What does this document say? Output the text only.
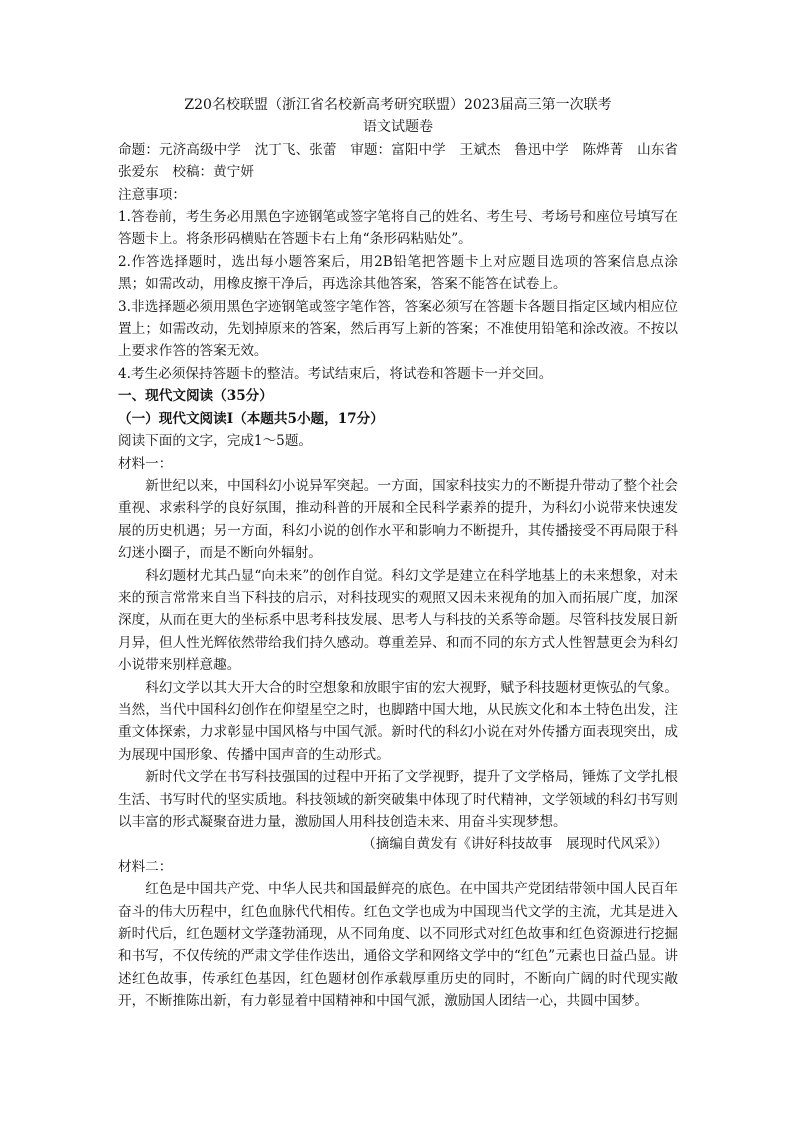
Z20名校联盟（浙江省名校新高考研究联盟）2023届高三第一次联考
语文试题卷

命题：元济高级中学　沈丁飞、张蕾　审题：富阳中学　王斌杰　鲁迅中学　陈烨菁　山东省　张爱东　校稿：黄宁妍

注意事项：

1.答卷前，考生务必用黑色字迹钢笔或签字笔将自己的姓名、考生号、考场号和座位号填写在答题卡上。将条形码横贴在答题卡右上角“条形码粘贴处”。

2.作答选择题时，选出每小题答案后，用2B铅笔把答题卡上对应题目选项的答案信息点涂黑；如需改动，用橡皮擦干净后，再选涂其他答案，答案不能答在试卷上。

3.非选择题必须用黑色字迹钢笔或签字笔作答，答案必须写在答题卡各题目指定区域内相应位置上；如需改动，先划掉原来的答案，然后再写上新的答案；不准使用铅笔和涂改液。不按以上要求作答的答案无效。

4.考生必须保持答题卡的整洁。考试结束后，将试卷和答题卡一并交回。

一、现代文阅读（35分）

（一）现代文阅读Ⅰ（本题共5小题，17分）

阅读下面的文字，完成1～5题。

材料一：

新世纪以来，中国科幻小说异军突起。一方面，国家科技实力的不断提升带动了整个社会重视、求索科学的良好氛围，推动科普的开展和全民科学素养的提升，为科幻小说带来快速发展的历史机遇；另一方面，科幻小说的创作水平和影响力不断提升，其传播接受不再局限于科幻迷小圈子，而是不断向外辐射。

科幻题材尤其凸显“向未来”的创作自觉。科幻文学是建立在科学地基上的未来想象，对未来的预言常常来自当下科技的启示，对科技现实的观照又因未来视角的加入而拓展广度，加深深度，从而在更大的坐标系中思考科技发展、思考人与科技的关系等命题。尽管科技发展日新月异，但人性光辉依然带给我们持久感动。尊重差异、和而不同的东方式人性智慧更会为科幻小说带来别样意趣。

科幻文学以其大开大合的时空想象和放眼宇宙的宏大视野，赋予科技题材更恢弘的气象。当然，当代中国科幻创作在仰望星空之时，也脚踏中国大地，从民族文化和本土特色出发，注重文体探索，力求彰显中国风格与中国气派。新时代的科幻小说在对外传播方面表现突出，成为展现中国形象、传播中国声音的生动形式。

新时代文学在书写科技强国的过程中开拓了文学视野，提升了文学格局，锤炼了文学扎根生活、书写时代的坚实质地。科技领域的新突破集中体现了时代精神，文学领域的科幻书写则以丰富的形式凝聚奋进力量，激励国人用科技创造未来、用奋斗实现梦想。

（摘编自黄发有《讲好科技故事　展现时代风采》）

材料二：

红色是中国共产党、中华人民共和国最鲜亮的底色。在中国共产党团结带领中国人民百年奋斗的伟大历程中，红色血脉代代相传。红色文学也成为中国现当代文学的主流，尤其是进入新时代后，红色题材文学蓬勃涌现，从不同角度、以不同形式对红色故事和红色资源进行挖掘和书写，不仅传统的严肃文学佳作迭出，通俗文学和网络文学中的“红色”元素也日益凸显。讲述红色故事，传承红色基因，红色题材创作承载厚重历史的同时，不断向广阔的时代现实敞开，不断推陈出新，有力彰显着中国精神和中国气派，激励国人团结一心，共圆中国梦。
